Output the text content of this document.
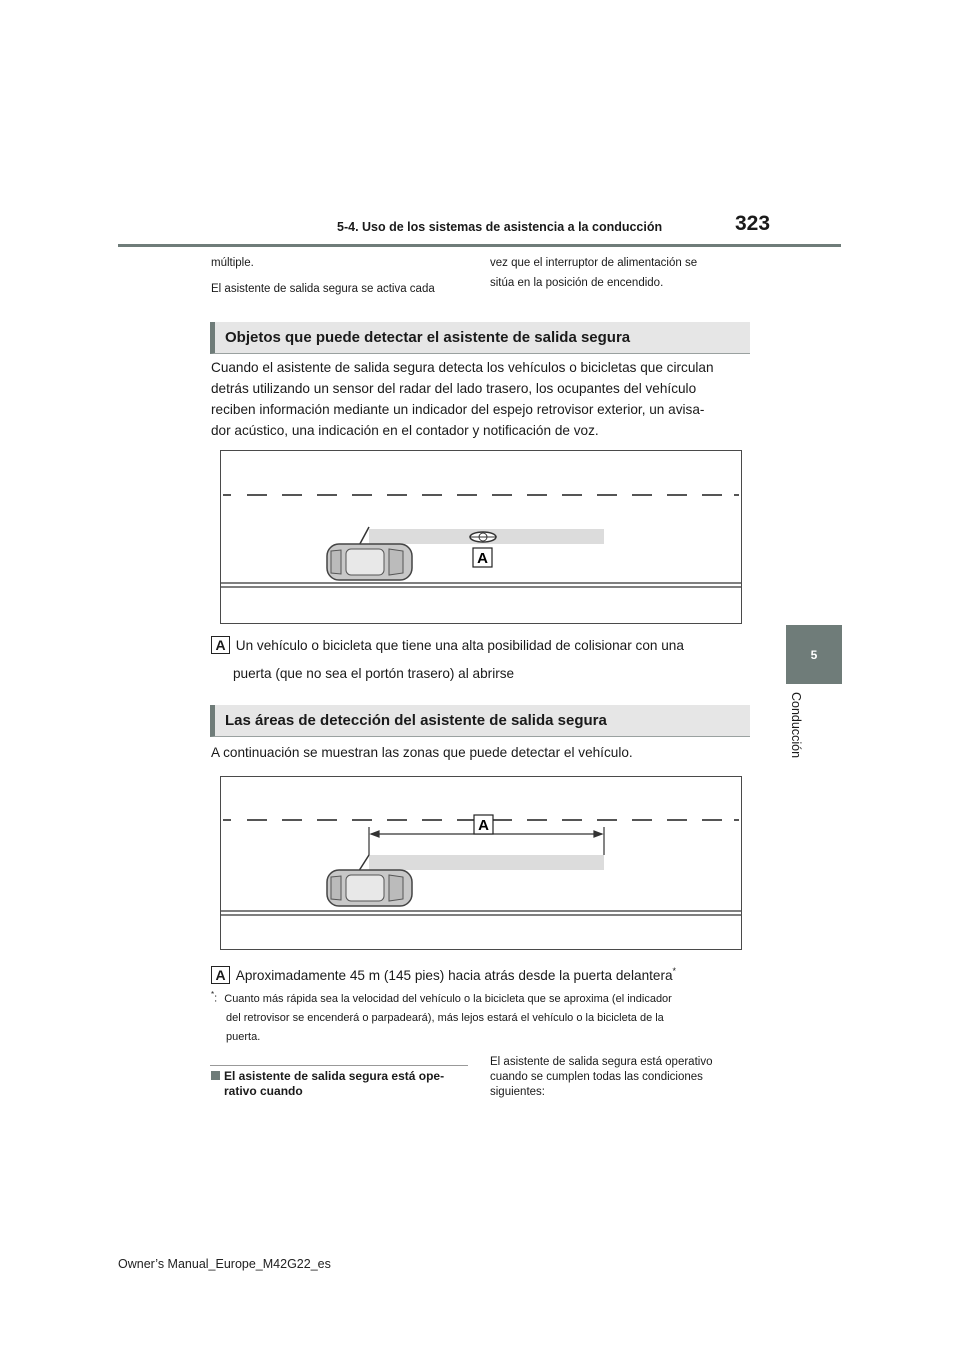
5-4. Uso de los sistemas de asistencia a la conducción	323
5
Conducción
múltiple.
El asistente de salida segura se activa cada
vez que el interruptor de alimentación se
sitúa en la posición de encendido.
Objetos que puede detectar el asistente de salida segura
Cuando el asistente de salida segura detecta los vehículos o bicicletas que circulan
detrás utilizando un sensor del radar del lado trasero, los ocupantes del vehículo
reciben información mediante un indicador del espejo retrovisor exterior, un avisa-
dor acústico, una indicación en el contador y notificación de voz.
A
A Un vehículo o bicicleta que tiene una alta posibilidad de colisionar con una
puerta (que no sea el portón trasero) al abrirse
Las áreas de detección del asistente de salida segura
A continuación se muestran las zonas que puede detectar el vehículo.
A
A Aproximadamente 45 m (145 pies) hacia atrás desde la puerta delantera*
*: Cuanto más rápida sea la velocidad del vehículo o la bicicleta que se aproxima (el indicador
del retrovisor se encenderá o parpadeará), más lejos estará el vehículo o la bicicleta de la
puerta.
El asistente de salida segura está ope-
rativo cuando
El asistente de salida segura está operativo
cuando se cumplen todas las condiciones
siguientes:
Owner’s Manual_Europe_M42G22_es
